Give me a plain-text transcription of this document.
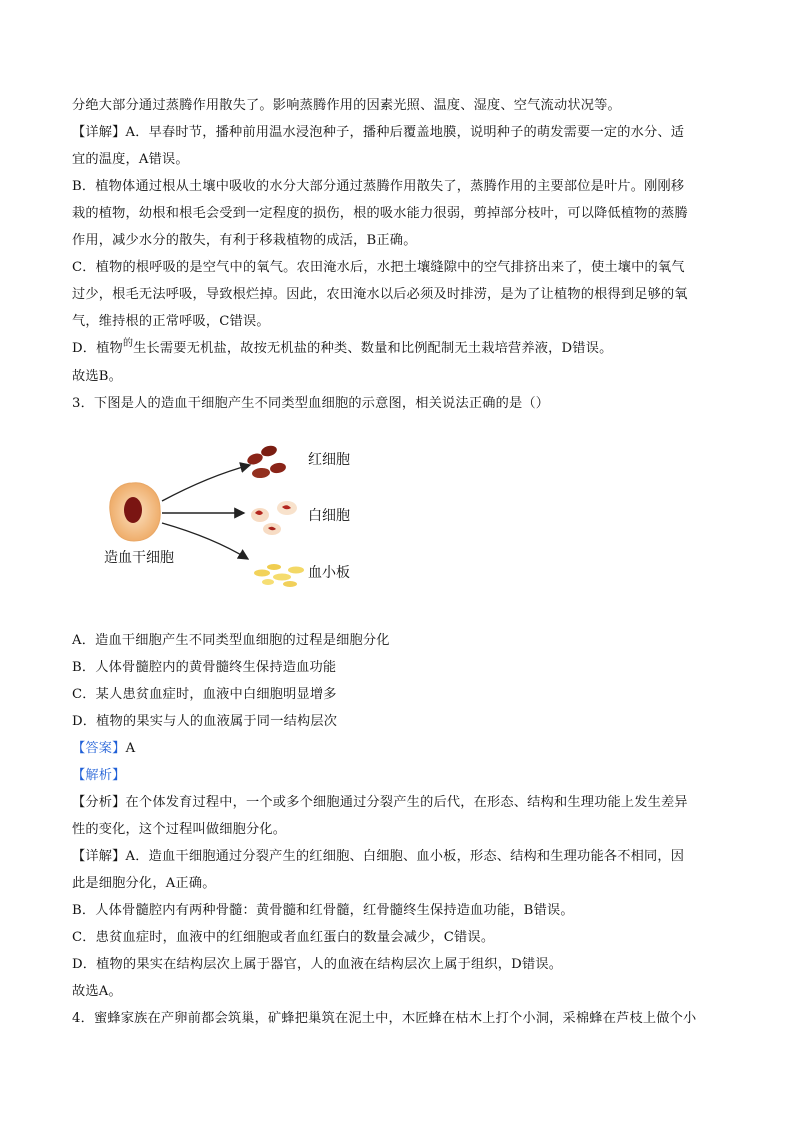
分绝大部分通过蒸腾作用散失了。影响蒸腾作用的因素光照、温度、湿度、空气流动状况等。
【详解】A．早春时节，播种前用温水浸泡种子，播种后覆盖地膜，说明种子的萌发需要一定的水分、适
宜的温度，A错误。
B．植物体通过根从土壤中吸收的水分大部分通过蒸腾作用散失了，蒸腾作用的主要部位是叶片。刚刚移
栽的植物，幼根和根毛会受到一定程度的损伤，根的吸水能力很弱，剪掉部分枝叶，可以降低植物的蒸腾
作用，减少水分的散失，有利于移栽植物的成活，B正确。
C．植物的根呼吸的是空气中的氧气。农田淹水后，水把土壤缝隙中的空气排挤出来了，使土壤中的氧气
过少，根毛无法呼吸，导致根烂掉。因此，农田淹水以后必须及时排涝，是为了让植物的根得到足够的氧
气，维持根的正常呼吸，C错误。
D．植物$^的$生长需要无机盐，故按无机盐的种类、数量和比例配制无土栽培营养液，D错误。
故选B。
3．下图是人的造血干细胞产生不同类型血细胞的示意图，相关说法正确的是（）
红细胞
白细胞
血小板
造血干细胞
A．造血干细胞产生不同类型血细胞的过程是细胞分化
B．人体骨髓腔内的黄骨髓终生保持造血功能
C．某人患贫血症时，血液中白细胞明显增多
D．植物的果实与人的血液属于同一结构层次
【答案】A
【解析】
【分析】在个体发育过程中，一个或多个细胞通过分裂产生的后代，在形态、结构和生理功能上发生差异
性的变化，这个过程叫做细胞分化。
【详解】A．造血干细胞通过分裂产生的红细胞、白细胞、血小板，形态、结构和生理功能各不相同，因
此是细胞分化，A正确。
B．人体骨髓腔内有两种骨髓：黄骨髓和红骨髓，红骨髓终生保持造血功能，B错误。
C．患贫血症时，血液中的红细胞或者血红蛋白的数量会减少，C错误。
D．植物的果实在结构层次上属于器官，人的血液在结构层次上属于组织，D错误。
故选A。
4．蜜蜂家族在产卵前都会筑巢，矿蜂把巢筑在泥土中，木匠蜂在枯木上打个小洞，采棉蜂在芦枝上做个小
